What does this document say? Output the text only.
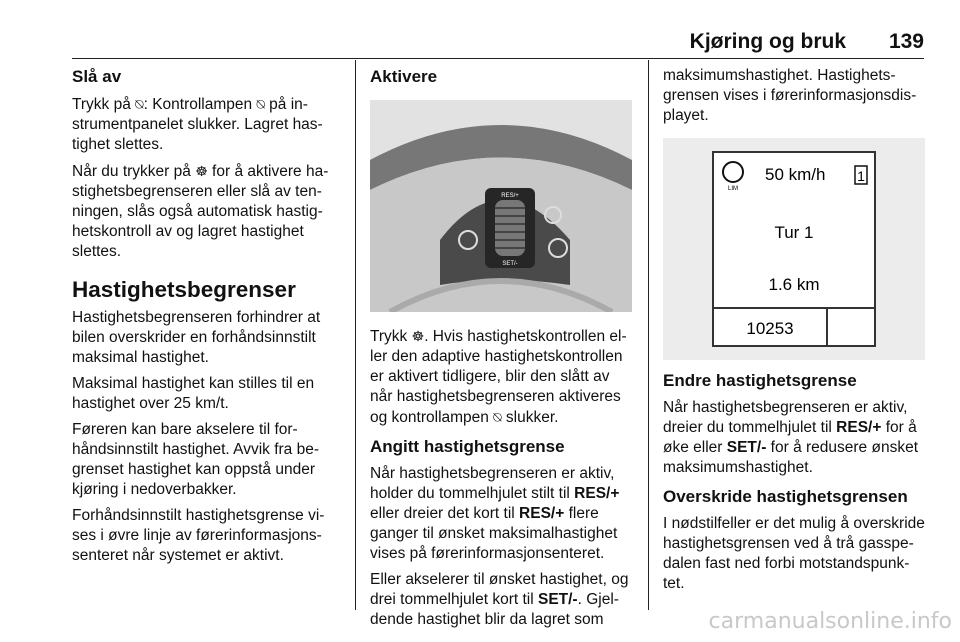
Kjøring og bruk 139
Slå av

Trykk på ⍉: Kontrollampen ⍉ på in-strumentpanelet slukker. Lagret has-tighet slettes.

Når du trykker på ☸ for å aktivere ha-stighetsbegrenseren eller slå av ten-ningen, slås også automatisk hastig-hetskontroll av og lagret hastighet slettes.

Hastighetsbegrenser

Hastighetsbegrenseren forhindrer at bilen overskrider en forhåndsinnstilt maksimal hastighet.

Maksimal hastighet kan stilles til en hastighet over 25 km/t.

Føreren kan bare akselere til for-håndsinnstilt hastighet. Avvik fra be-grenset hastighet kan oppstå under kjøring i nedoverbakker.

Forhåndsinnstilt hastighetsgrense vi-ses i øvre linje av førerinformasjons-senteret når systemet er aktivt.

Aktivere
RES/+
SET/-

Trykk ☸. Hvis hastighetskontrollen el-ler den adaptive hastighetskontrollen er aktivert tidligere, blir den slått av når hastighetsbegrenseren aktiveres og kontrollampen ⍉ slukker.

Angitt hastighetsgrense

Når hastighetsbegrenseren er aktiv, holder du tommelhjulet stilt til RES/+ eller dreier det kort til RES/+ flere ganger til ønsket maksimalhastighet vises på førerinformasjonsenteret.

Eller akselerer til ønsket hastighet, og drei tommelhjulet kort til SET/-. Gjel-dende hastighet blir da lagret som

maksimumshastighet. Hastighets-grensen vises i førerinformasjonsdis-playet.

LIM
50 km/h 1
Tur 1
1.6 km
10253
Endre hastighetsgrense

Når hastighetsbegrenseren er aktiv, dreier du tommelhjulet til RES/+ for å øke eller SET/- for å redusere ønsket maksimumshastighet.

Overskride hastighetsgrensen

I nødstilfeller er det mulig å overskride hastighetsgrensen ved å trå gasspe-dalen fast ned forbi motstandspunk-tet.

carmanualsonline.info
